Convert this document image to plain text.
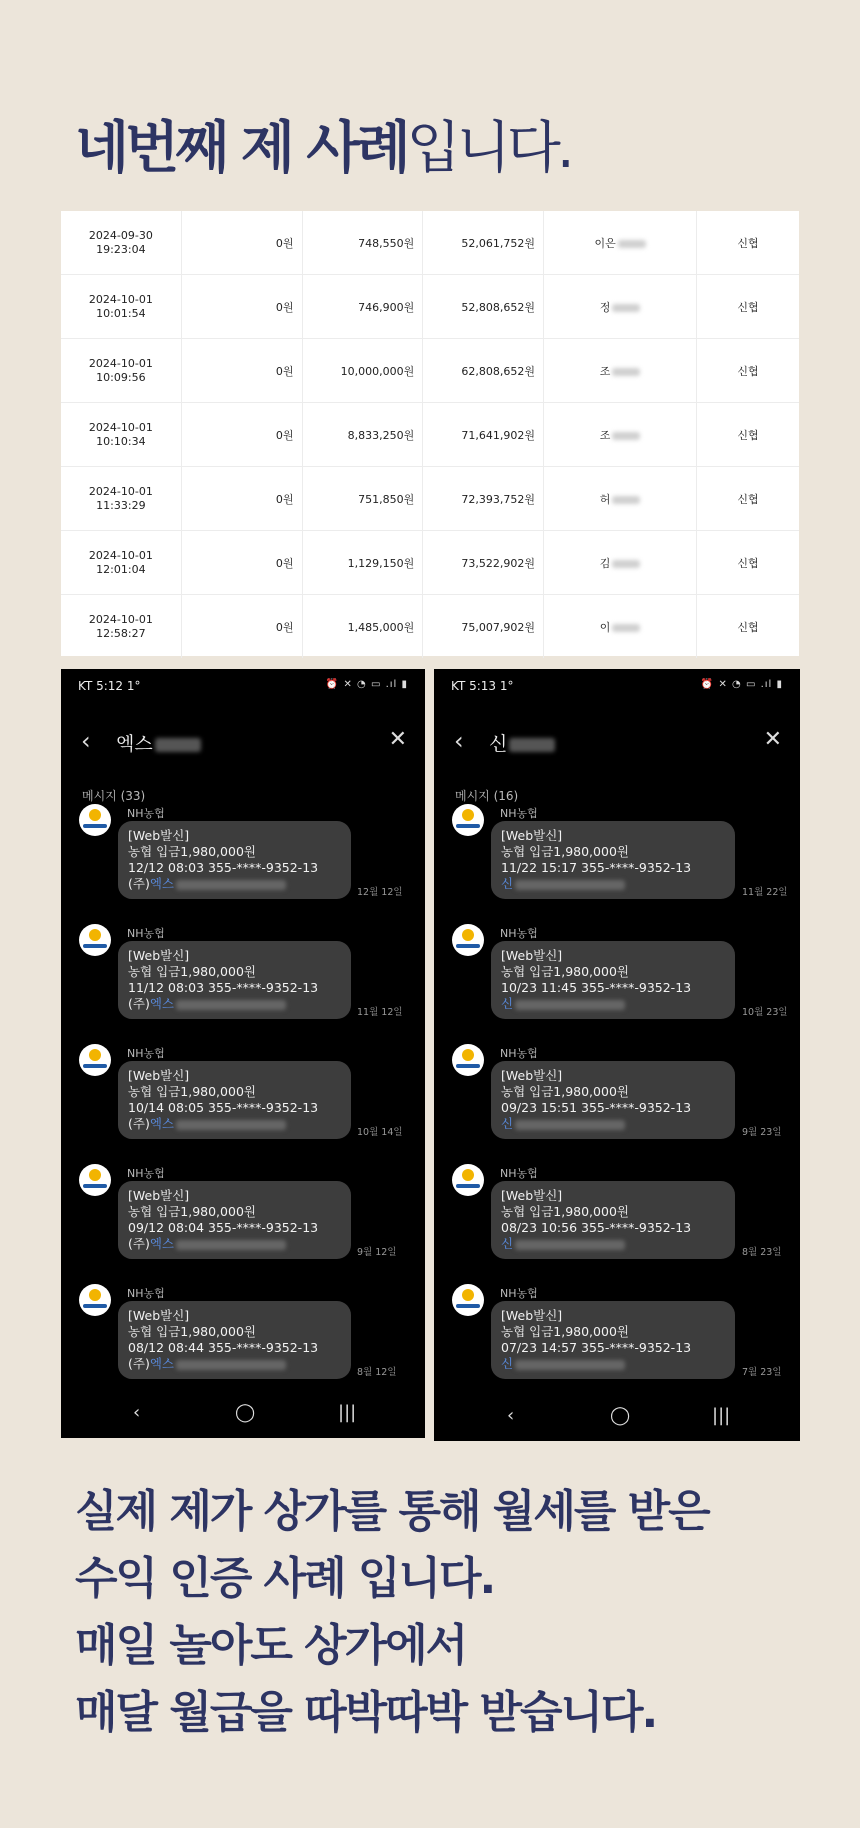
네번째 제 사례입니다.
2024-09-30
19:23:04	0원	748,550원	52,061,752원	이은	신협
2024-10-01
10:01:54	0원	746,900원	52,808,652원	정	신협
2024-10-01
10:09:56	0원	10,000,000원	62,808,652원	조	신협
2024-10-01
10:10:34	0원	8,833,250원	71,641,902원	조	신협
2024-10-01
11:33:29	0원	751,850원	72,393,752원	허	신협
2024-10-01
12:01:04	0원	1,129,150원	73,522,902원	김	신협
2024-10-01
12:58:27	0원	1,485,000원	75,007,902원	이	신협
KT 5:12 1°	⏰ ✕ ◔ ▭ .ıl ▮
‹ 엑스	✕
메시지 (33)
NH농협
[Web발신]
농협 입금1,980,000원
12/12 08:03 355-****-9352-13
(주)엑스
12월 12일
NH농협
[Web발신]
농협 입금1,980,000원
11/12 08:03 355-****-9352-13
(주)엑스
11월 12일
NH농협
[Web발신]
농협 입금1,980,000원
10/14 08:05 355-****-9352-13
(주)엑스
10월 14일
NH농협
[Web발신]
농협 입금1,980,000원
09/12 08:04 355-****-9352-13
(주)엑스
9월 12일
NH농협
[Web발신]
농협 입금1,980,000원
08/12 08:44 355-****-9352-13
(주)엑스
8월 12일
‹	◯	|||
KT 5:13 1°	⏰ ✕ ◔ ▭ .ıl ▮
‹ 신	✕
메시지 (16)
NH농협
[Web발신]
농협 입금1,980,000원
11/22 15:17 355-****-9352-13
신
11월 22일
NH농협
[Web발신]
농협 입금1,980,000원
10/23 11:45 355-****-9352-13
신
10월 23일
NH농협
[Web발신]
농협 입금1,980,000원
09/23 15:51 355-****-9352-13
신
9월 23일
NH농협
[Web발신]
농협 입금1,980,000원
08/23 10:56 355-****-9352-13
신
8월 23일
NH농협
[Web발신]
농협 입금1,980,000원
07/23 14:57 355-****-9352-13
신
7월 23일
‹	◯	|||
실제 제가 상가를 통해 월세를 받은
수익 인증 사례 입니다.
매일 놀아도 상가에서
매달 월급을 따박따박 받습니다.
